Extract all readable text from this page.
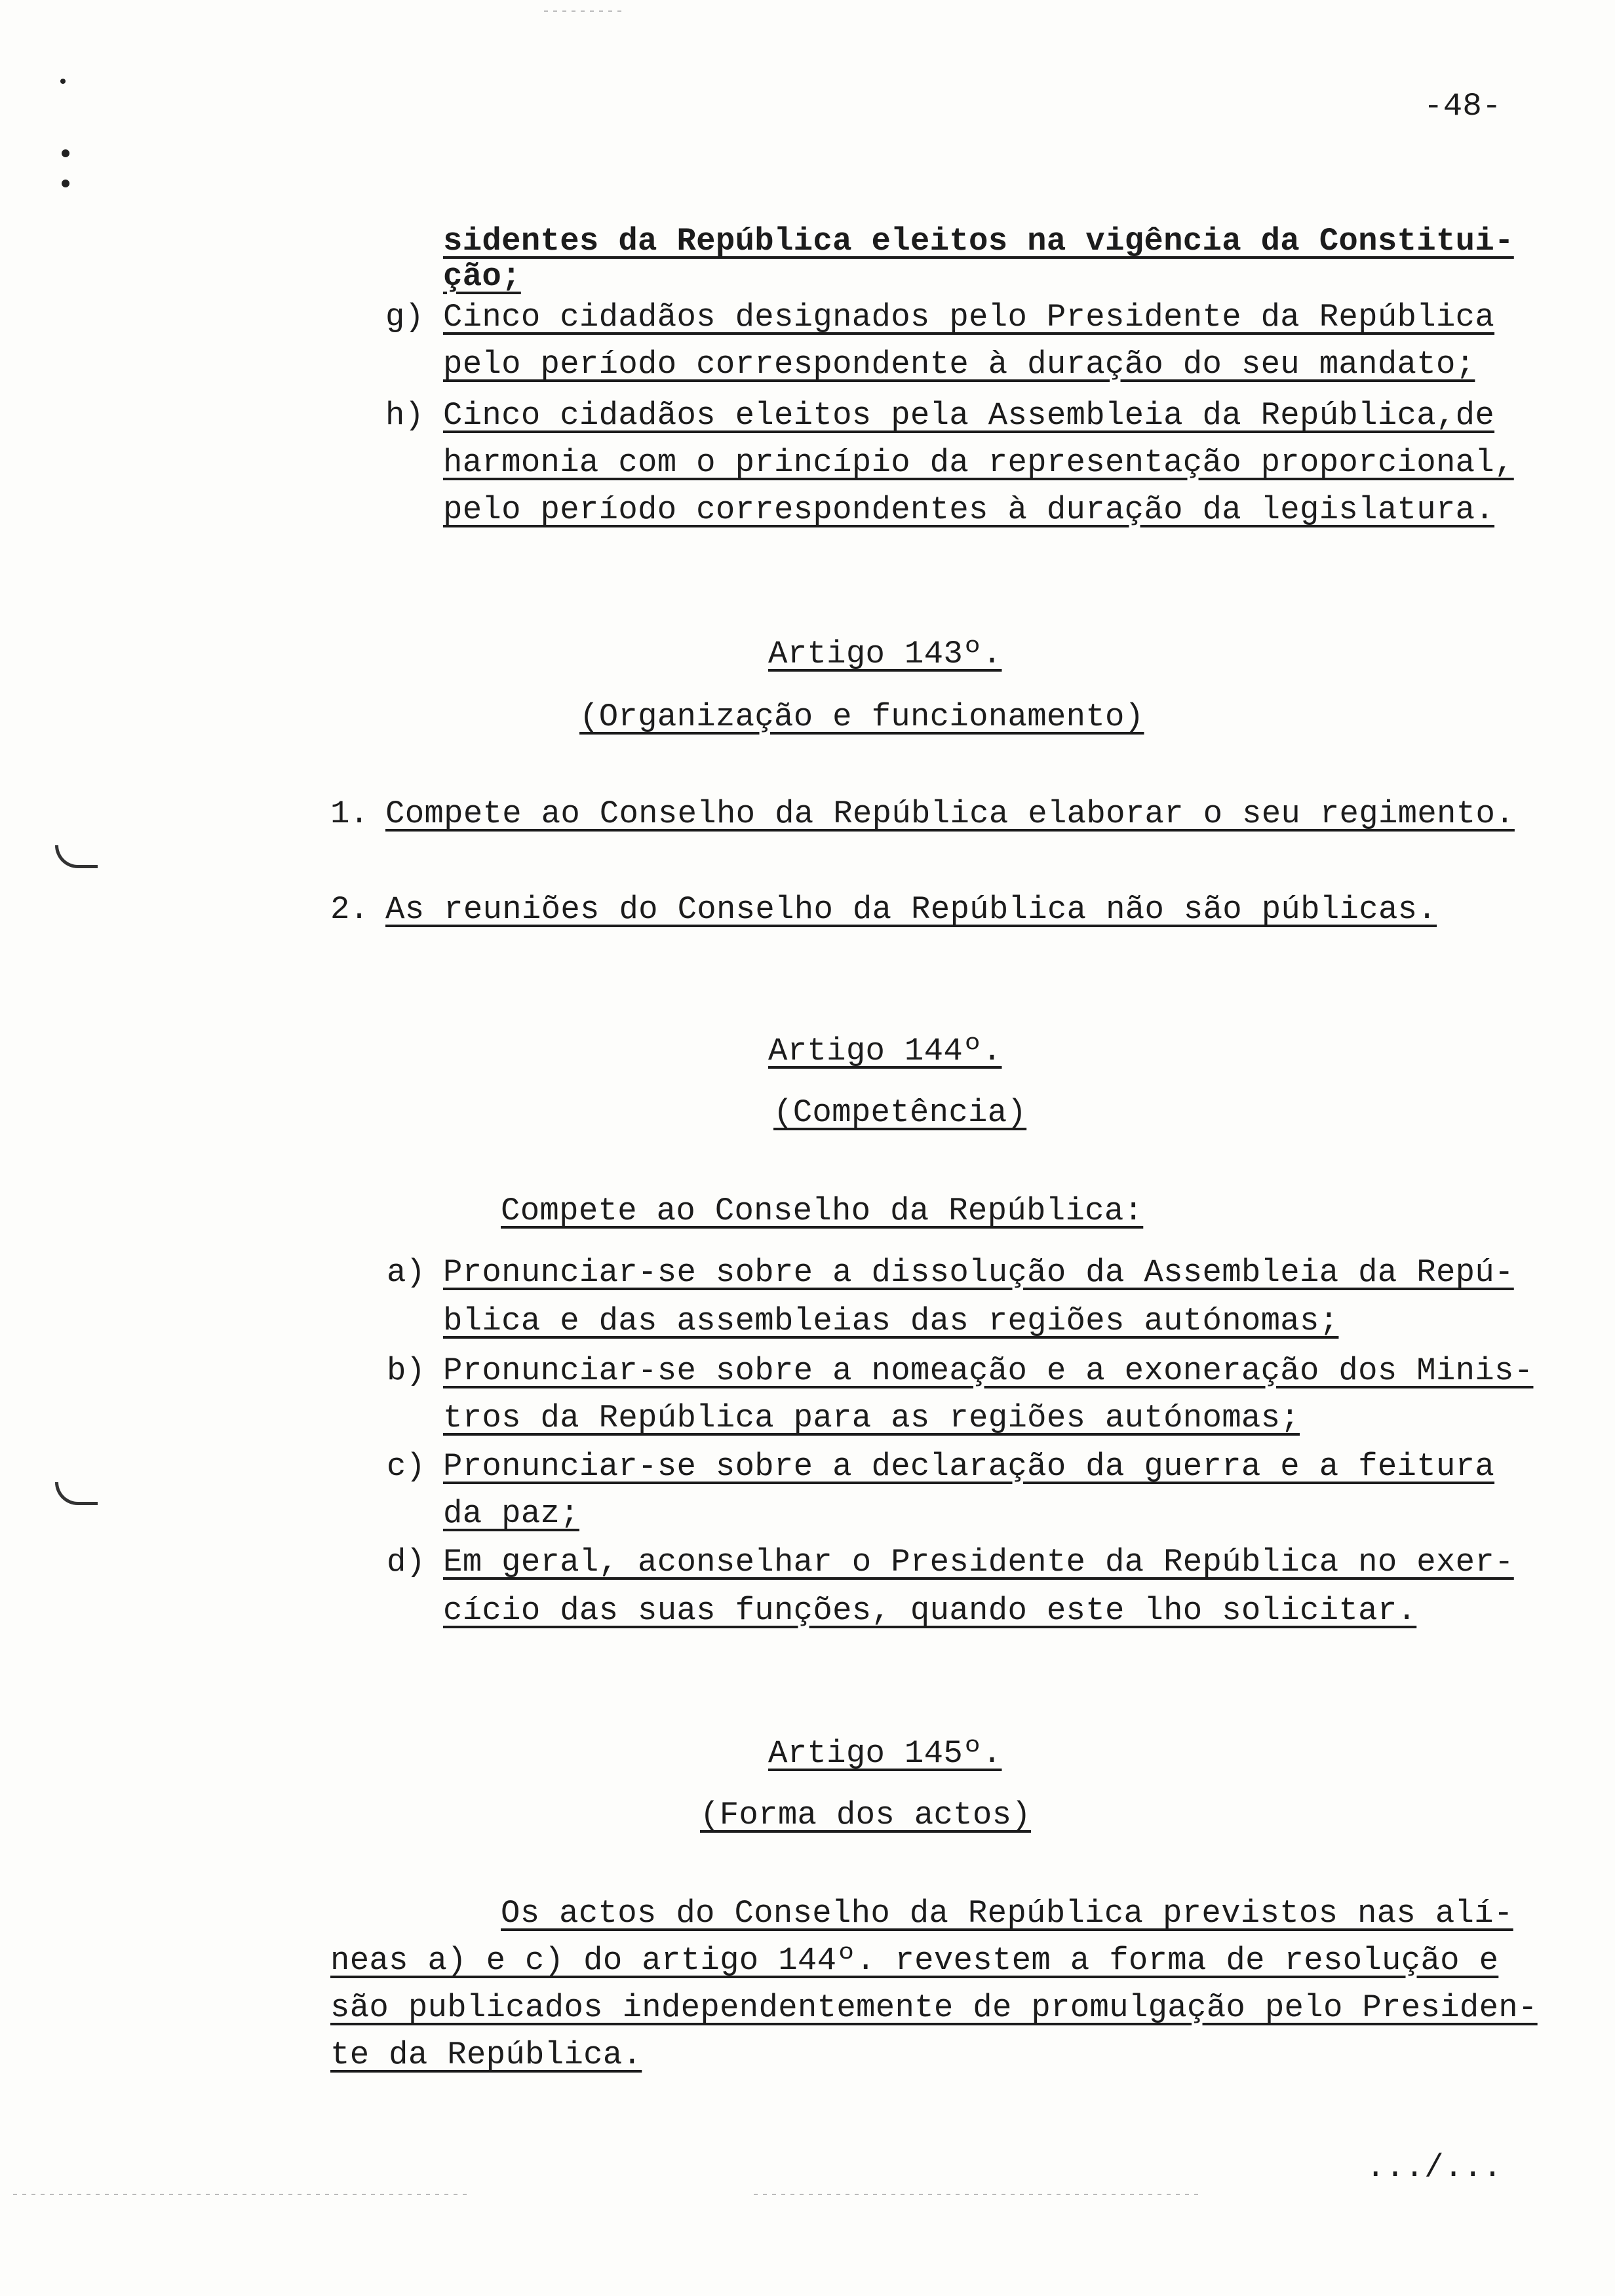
-48-
sidentes da República eleitos na vigência da Constitui-
ção;
g) Cinco cidadãos designados pelo Presidente da República
pelo período correspondente à duração do seu mandato;
h) Cinco cidadãos eleitos pela Assembleia da República,de
harmonia com o princípio da representação proporcional,
pelo período correspondentes à duração da legislatura.
Artigo 143º.
(Organização e funcionamento)
1. Compete ao Conselho da República elaborar o seu regimento.
2. As reuniões do Conselho da República não são públicas.
Artigo 144º.
(Competência)
Compete ao Conselho da República:
a) Pronunciar-se sobre a dissolução da Assembleia da Repú-
blica e das assembleias das regiões autónomas;
b) Pronunciar-se sobre a nomeação e a exoneração dos Minis-
tros da República para as regiões autónomas;
c) Pronunciar-se sobre a declaração da guerra e a feitura
da paz;
d) Em geral, aconselhar o Presidente da República no exer-
cício das suas funções, quando este lho solicitar.
Artigo 145º.
(Forma dos actos)
Os actos do Conselho da República previstos nas alí-
neas a) e c) do artigo 144º. revestem a forma de resolução e
são publicados independentemente de promulgação pelo Presiden-
te da República.
.../...
